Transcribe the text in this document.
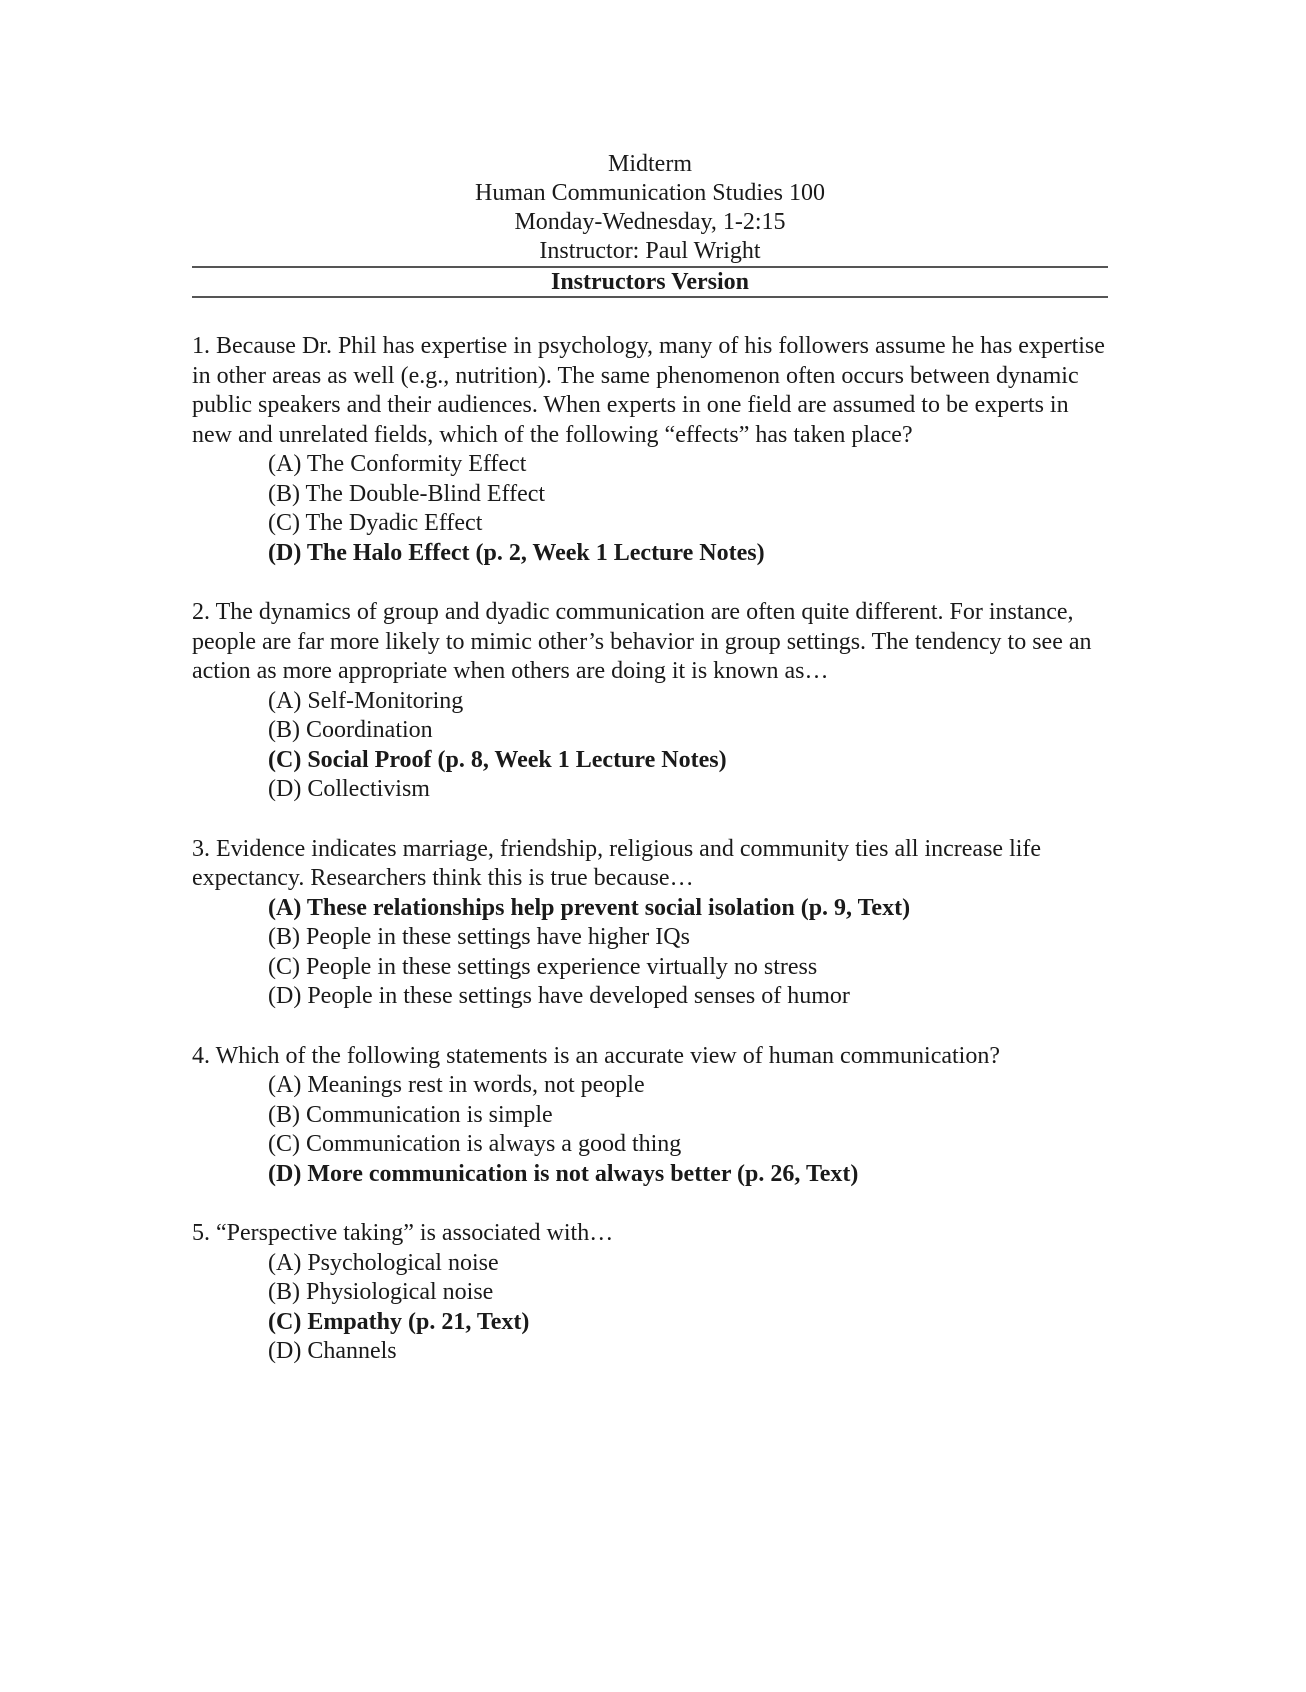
Midterm
Human Communication Studies 100
Monday-Wednesday, 1-2:15
Instructor: Paul Wright
Instructors Version
1. Because Dr. Phil has expertise in psychology, many of his followers assume he has expertise in other areas as well (e.g., nutrition). The same phenomenon often occurs between dynamic public speakers and their audiences. When experts in one field are assumed to be experts in new and unrelated fields, which of the following “effects” has taken place?
(A) The Conformity Effect
(B) The Double-Blind Effect
(C) The Dyadic Effect
(D) The Halo Effect (p. 2, Week 1 Lecture Notes)
2. The dynamics of group and dyadic communication are often quite different. For instance, people are far more likely to mimic other’s behavior in group settings. The tendency to see an action as more appropriate when others are doing it is known as…
(A) Self-Monitoring
(B) Coordination
(C) Social Proof (p. 8, Week 1 Lecture Notes)
(D) Collectivism
3. Evidence indicates marriage, friendship, religious and community ties all increase life expectancy. Researchers think this is true because…
(A) These relationships help prevent social isolation (p. 9, Text)
(B) People in these settings have higher IQs
(C) People in these settings experience virtually no stress
(D) People in these settings have developed senses of humor
4. Which of the following statements is an accurate view of human communication?
(A) Meanings rest in words, not people
(B) Communication is simple
(C) Communication is always a good thing
(D) More communication is not always better (p. 26, Text)
5. “Perspective taking” is associated with…
(A) Psychological noise
(B) Physiological noise
(C) Empathy (p. 21, Text)
(D) Channels
